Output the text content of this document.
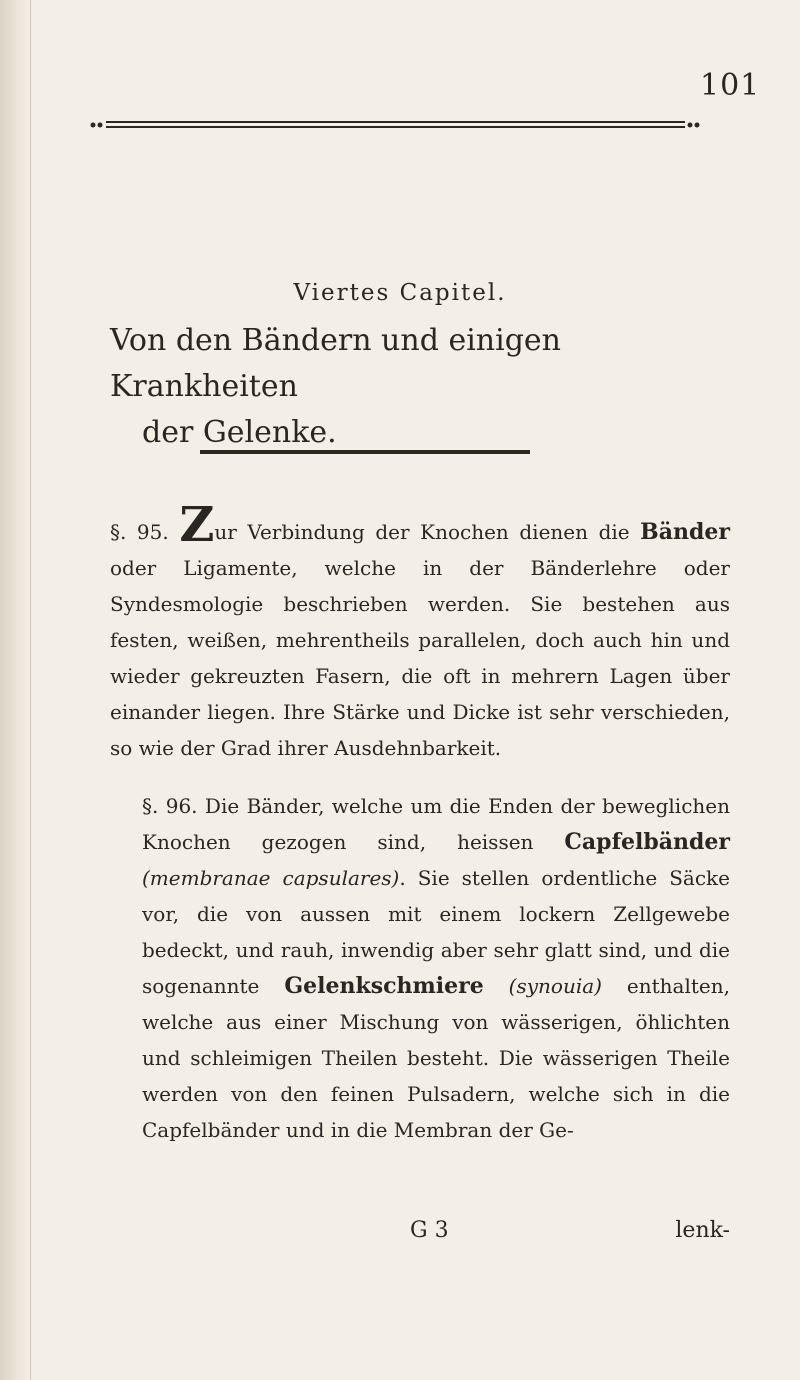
101
Viertes Capitel.
Von den Bändern und einigen Krankheiten
der Gelenke.

§. 95. Zur Verbindung der Knochen dienen die Bänder oder Ligamente, welche in der Bänderlehre oder Syndesmologie beschrieben werden. Sie bestehen aus festen, weißen, mehrentheils parallelen, doch auch hin und wieder gekreuzten Fasern, die oft in mehrern Lagen über einander liegen. Ihre Stärke und Dicke ist sehr verschieden, so wie der Grad ihrer Ausdehnbarkeit.

§. 96. Die Bänder, welche um die Enden der beweglichen Knochen gezogen sind, heissen Capfelbänder (membranae capsulares). Sie stellen ordentliche Säcke vor, die von aussen mit einem lockern Zellgewebe bedeckt, und rauh, inwendig aber sehr glatt sind, und die sogenannte Gelenkschmiere (synouia) enthalten, welche aus einer Mischung von wässerigen, öhlichten und schleimigen Theilen besteht. Die wässerigen Theile werden von den feinen Pulsadern, welche sich in die Capfelbänder und in die Membran der Ge-

G 3	lenk-
